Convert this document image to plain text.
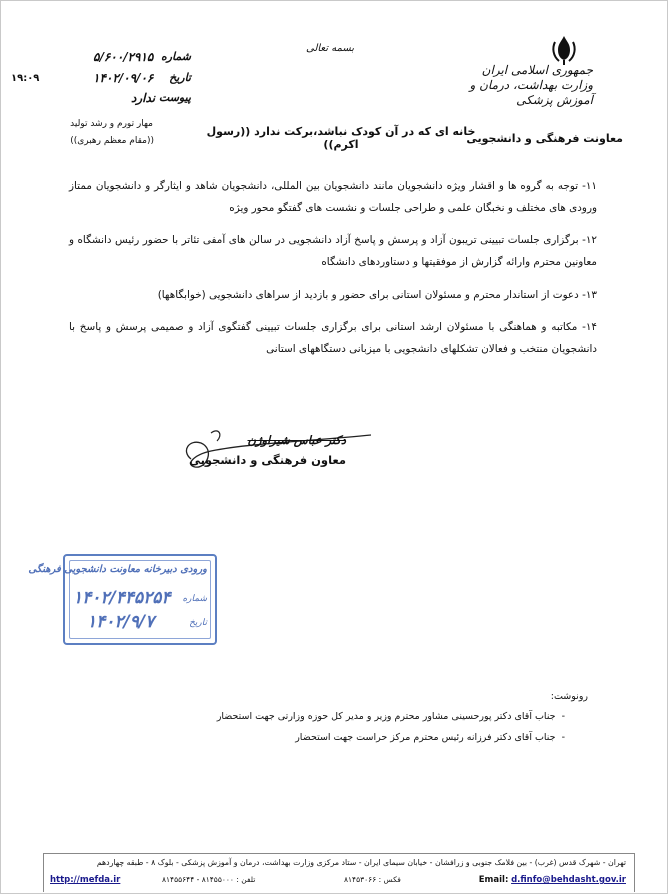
جمهوری اسلامی ایران
وزارت بهداشت، درمان و آموزش پزشکی
معاونت فرهنگی و دانشجویی
بسمه تعالی
خانه ای که در آن کودک نباشد،برکت ندارد ((رسول اکرم))
شماره
۵/۶۰۰/۲۹۱۵
تاریخ
۱۴۰۲/۰۹/۰۶
پیوست
ندارد
۱۹:۰۹
مهار تورم و رشد تولید
((مقام معظم رهبری))

۱۱- توجه به گروه ها و اقشار ویژه دانشجویان مانند دانشجویان بین المللی، دانشجویان شاهد و ایثارگر و دانشجویان ممتاز ورودی های مختلف و نخبگان علمی و طراحی جلسات و نشست های گفتگو محور ویژه

۱۲- برگزاری جلسات تبیینی تریبون آزاد و پرسش و پاسخ آزاد دانشجویی در سالن های آمفی تئاتر با حضور رئیس دانشگاه و معاونین محترم وارائه گزارش از موفقیتها و دستاوردهای دانشگاه

۱۳- دعوت از استاندار محترم و مسئولان استانی برای حضور و بازدید از سراهای دانشجویی (خوابگاهها)

۱۴- مکاتبه و هماهنگی با مسئولان ارشد استانی برای برگزاری جلسات تبیینی گفتگوی آزاد و صمیمی پرسش و پاسخ با دانشجویان منتخب و فعالان تشکلهای دانشجویی با میزبانی دستگاههای استانی

دکتر عباس شیراوژن
معاون فرهنگی و دانشجویی
ورودی دبیرخانه معاونت دانشجویی فرهنگی
شماره
۱۴۰۲/۴۴۵۲۵۴
تاریخ
۱۴۰۲/۹/۷
رونوشت:
-جناب آقای دکتر پورحسینی مشاور محترم وزیر و مدیر کل حوزه وزارتی جهت استحضار
-جناب آقای دکتر فرزانه رئیس محترم مرکز حراست جهت استحضار
تهران - شهرک قدس (غرب) - بین فلامک جنوبی و زرافشان - خیابان سیمای ایران - ستاد مرکزی وزارت بهداشت، درمان و آموزش پزشکی - بلوک ۸ - طبقه چهاردهم
http://mefda.ir	تلفن : ۸۱۴۵۵۰۰۰ - ۸۱۴۵۵۶۴۴	فکس : ۸۱۴۵۳۰۶۶	Email: d.finfo@behdasht.gov.ir
